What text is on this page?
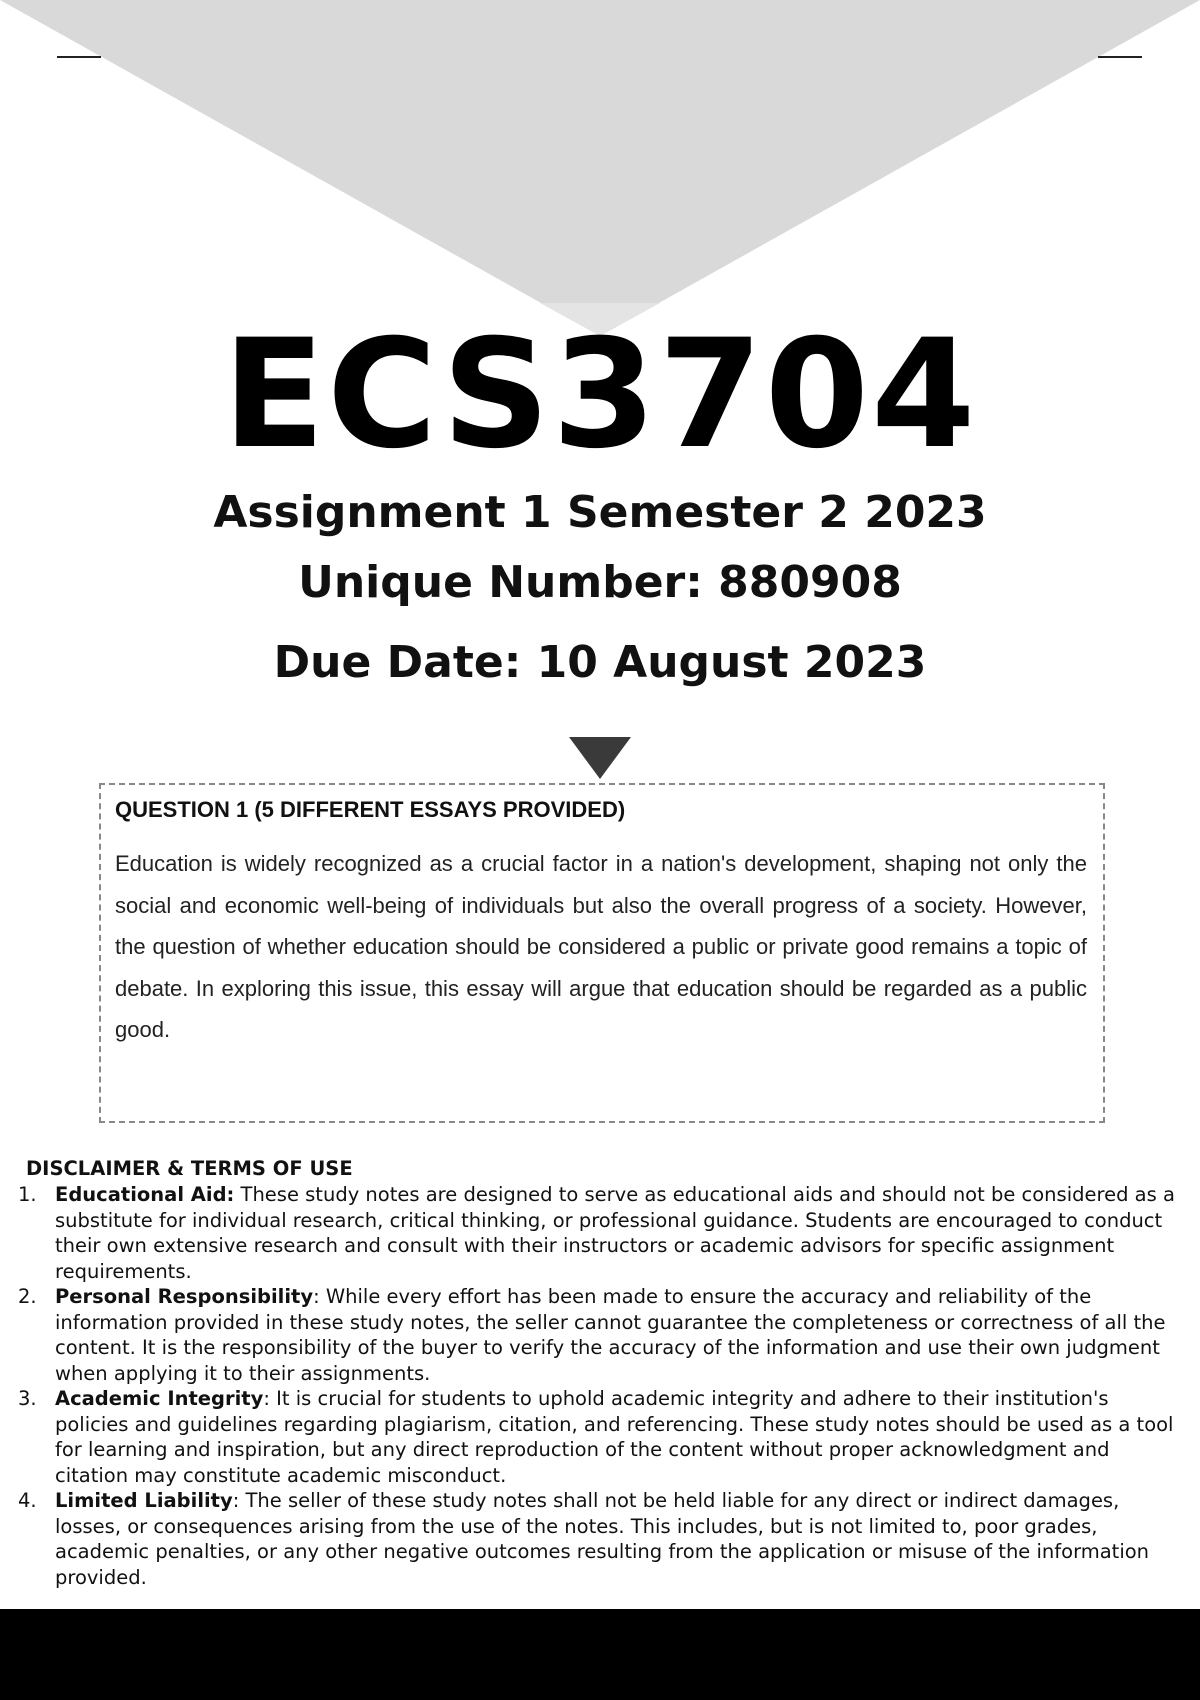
ECS3704
Assignment 1 Semester 2 2023
Unique Number: 880908
Due Date: 10 August 2023
QUESTION 1 (5 DIFFERENT ESSAYS PROVIDED)

Education is widely recognized as a crucial factor in a nation's development, shaping not only the social and economic well-being of individuals but also the overall progress of a society. However, the question of whether education should be considered a public or private good remains a topic of debate. In exploring this issue, this essay will argue that education should be regarded as a public good.

DISCLAIMER & TERMS OF USE
1. Educational Aid: These study notes are designed to serve as educational aids and should not be considered as a substitute for individual research, critical thinking, or professional guidance. Students are encouraged to conduct their own extensive research and consult with their instructors or academic advisors for specific assignment requirements.
2. Personal Responsibility: While every effort has been made to ensure the accuracy and reliability of the information provided in these study notes, the seller cannot guarantee the completeness or correctness of all the content. It is the responsibility of the buyer to verify the accuracy of the information and use their own judgment when applying it to their assignments.
3. Academic Integrity: It is crucial for students to uphold academic integrity and adhere to their institution's policies and guidelines regarding plagiarism, citation, and referencing. These study notes should be used as a tool for learning and inspiration, but any direct reproduction of the content without proper acknowledgment and citation may constitute academic misconduct.
4. Limited Liability: The seller of these study notes shall not be held liable for any direct or indirect damages, losses, or consequences arising from the use of the notes. This includes, but is not limited to, poor grades, academic penalties, or any other negative outcomes resulting from the application or misuse of the information provided.
